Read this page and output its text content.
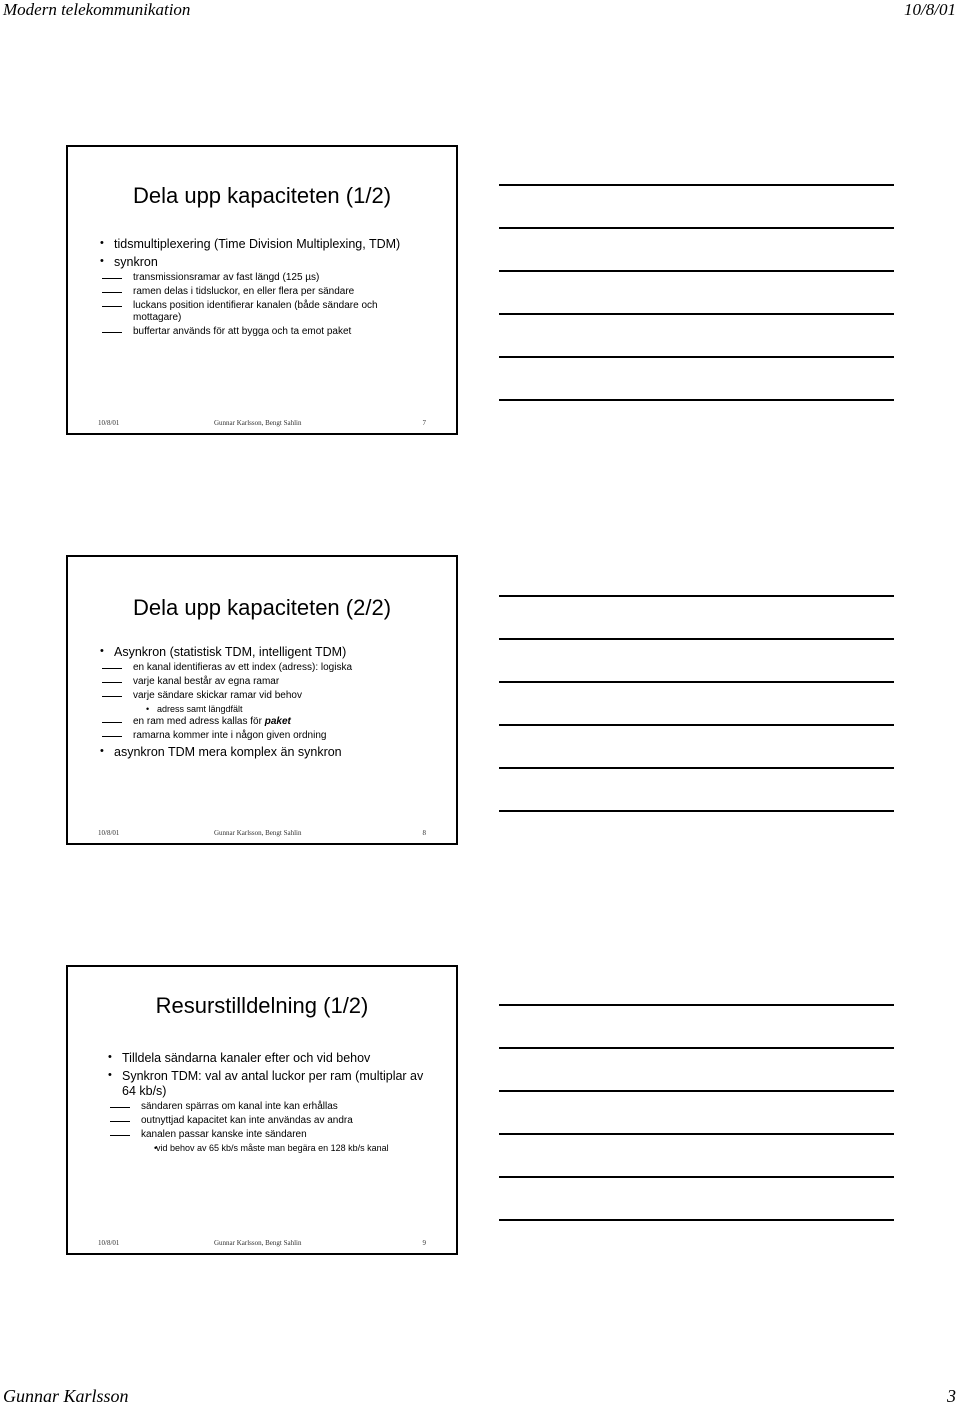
Modern telekommunikation	10/8/01
Gunnar Karlsson	3
Dela upp kapaciteten (1/2)

• tidsmultiplexering (Time Division Multiplexing, TDM)

• synkron

transmissionsramar av fast längd (125 µs)

ramen delas i tidsluckor, en eller flera per sändare

luckans position identifierar kanalen (både sändare och mottagare)

buffertar används för att bygga och ta emot paket

10/8/01	Gunnar Karlsson, Bengt Sahlin	7
Dela upp kapaciteten (2/2)

• Asynkron (statistisk TDM, intelligent TDM)

en kanal identifieras av ett index (adress): logiska

varje kanal består av egna ramar

varje sändare skickar ramar vid behov

• adress samt längdfält

en ram med adress kallas för paket

ramarna kommer inte i någon given ordning

• asynkron TDM mera komplex än synkron

10/8/01	Gunnar Karlsson, Bengt Sahlin	8
Resurstilldelning (1/2)

• Tilldela sändarna kanaler efter och vid behov

• Synkron TDM: val av antal luckor per ram (multiplar av 64 kb/s)

sändaren spärras om kanal inte kan erhållas

outnyttjad kapacitet kan inte användas av andra

kanalen passar kanske inte sändaren

• vid behov av 65 kb/s måste man begära en 128 kb/s kanal

10/8/01	Gunnar Karlsson, Bengt Sahlin	9
